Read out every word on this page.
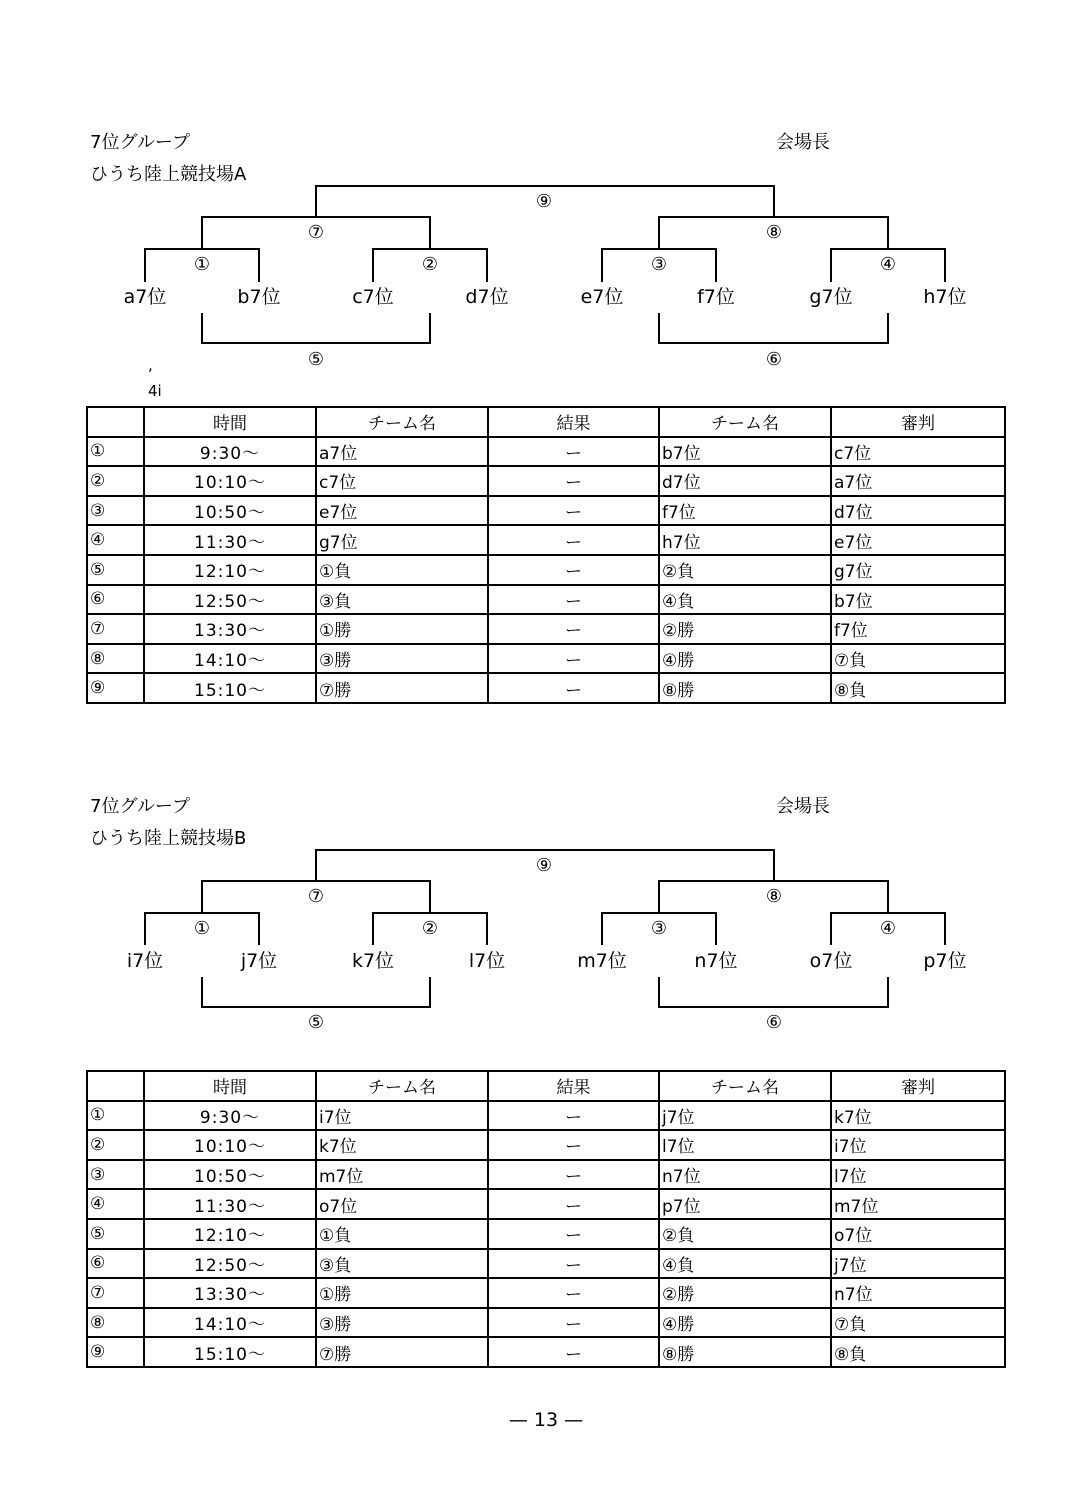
7位グループ
ひうち陸上競技場A
会場長
⑨
⑦	⑧
①	②	③	④
⑤	⑥
a7位	b7位	c7位	d7位	e7位	f7位	g7位	h7位
,
4i
	時間	チーム名	結果	チーム名	審判
①	9:30〜	a7位	ー	b7位	c7位
②	10:10〜	c7位	ー	d7位	a7位
③	10:50〜	e7位	ー	f7位	d7位
④	11:30〜	g7位	ー	h7位	e7位
⑤	12:10〜	①負	ー	②負	g7位
⑥	12:50〜	③負	ー	④負	b7位
⑦	13:30〜	①勝	ー	②勝	f7位
⑧	14:10〜	③勝	ー	④勝	⑦負
⑨	15:10〜	⑦勝	ー	⑧勝	⑧負
7位グループ
ひうち陸上競技場B
会場長
⑨
⑦	⑧
①	②	③	④
⑤	⑥
i7位	j7位	k7位	l7位	m7位	n7位	o7位	p7位
	時間	チーム名	結果	チーム名	審判
①	9:30〜	i7位	ー	j7位	k7位
②	10:10〜	k7位	ー	l7位	i7位
③	10:50〜	m7位	ー	n7位	l7位
④	11:30〜	o7位	ー	p7位	m7位
⑤	12:10〜	①負	ー	②負	o7位
⑥	12:50〜	③負	ー	④負	j7位
⑦	13:30〜	①勝	ー	②勝	n7位
⑧	14:10〜	③勝	ー	④勝	⑦負
⑨	15:10〜	⑦勝	ー	⑧勝	⑧負
— 13 —
